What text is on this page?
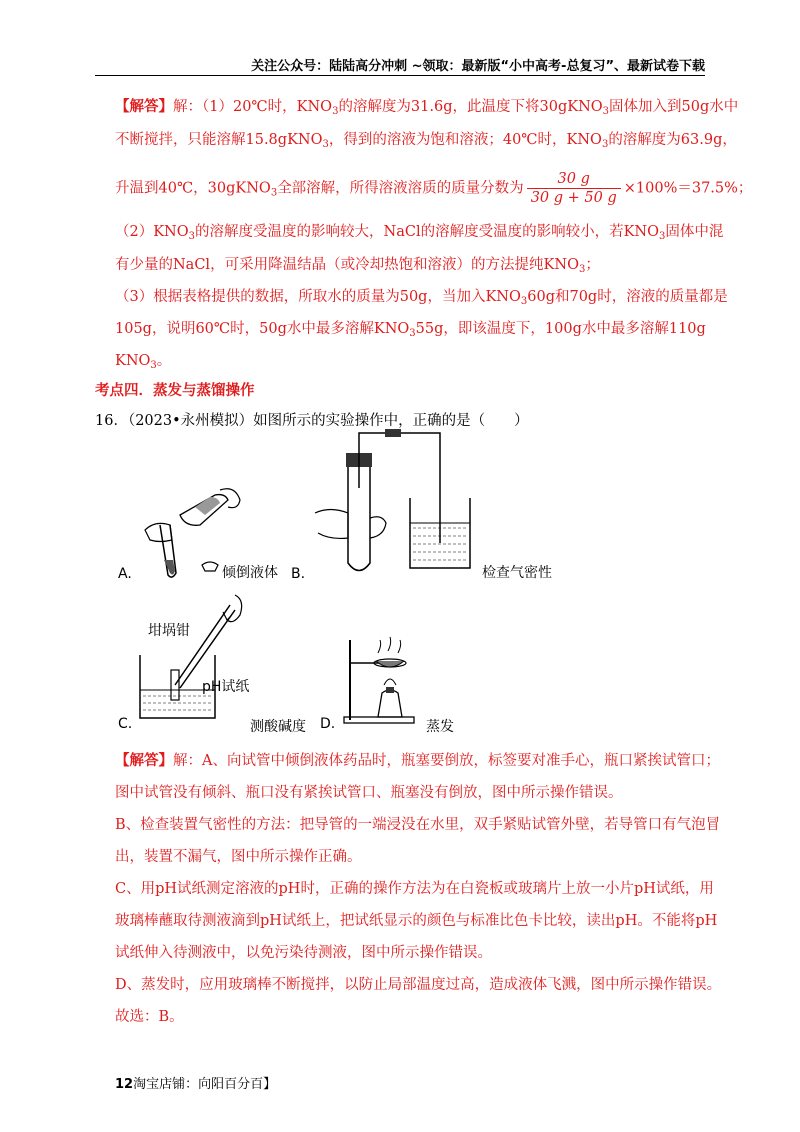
关注公众号：陆陆高分冲刺 ~领取：最新版“小中高考-总复习”、最新试卷下载
【解答】解：（1）20℃时，$KNO_3$的溶解度为31.6g，此温度下将30gKNO$_3$固体加入到50g水中
不断搅拌，只能溶解15.8gKNO$_3$，得到的溶液为饱和溶液；40℃时，$KNO_3$的溶解度为63.9g，
升温到40℃，30gKNO$_3$全部溶解，所得溶液溶质的质量分数为 $\frac{30 g}{30 g + 50 g} \times 100\%=37.5\%$；
$(2)KNO_3$的溶解度受温度的影响较大，NaCl的溶解度受温度的影响较小，若$KNO_3$固体中混
有少量的NaCl，可采用降温结晶（或冷却热饱和溶液）的方法提纯$KNO_3$；
（3）根据表格提供的数据，所取水的质量为50g，当加入$KNO_360g$和70g时，溶液的质量都是
105g，说明60℃时，50g水中最多溶解$KNO_355g$，即该温度下，100g水中最多溶解110g
$KNO_3$。
考点四．蒸发与蒸馏操作
16．（2023•永州模拟）如图所示的实验操作中，正确的是（　　）
A.	倾倒液体 B.	检查气密性
坩埚钳
pH试纸
C.	测酸碱度 D.	蒸发
【解答】解：A、向试管中倾倒液体药品时，瓶塞要倒放，标签要对准手心，瓶口紧挨试管口；
图中试管没有倾斜、瓶口没有紧挨试管口、瓶塞没有倒放，图中所示操作错误。
B、检查装置气密性的方法：把导管的一端浸没在水里，双手紧贴试管外壁，若导管口有气泡冒
出，装置不漏气，图中所示操作正确。
C、用pH试纸测定溶液的pH时，正确的操作方法为在白瓷板或玻璃片上放一小片pH试纸，用
玻璃棒蘸取待测液滴到pH试纸上，把试纸显示的颜色与标准比色卡比较，读出pH。不能将pH
试纸伸入待测液中，以免污染待测液，图中所示操作错误。
D、蒸发时，应用玻璃棒不断搅拌，以防止局部温度过高，造成液体飞溅，图中所示操作错误。
故选：B。
12淘宝店铺：向阳百分百】
